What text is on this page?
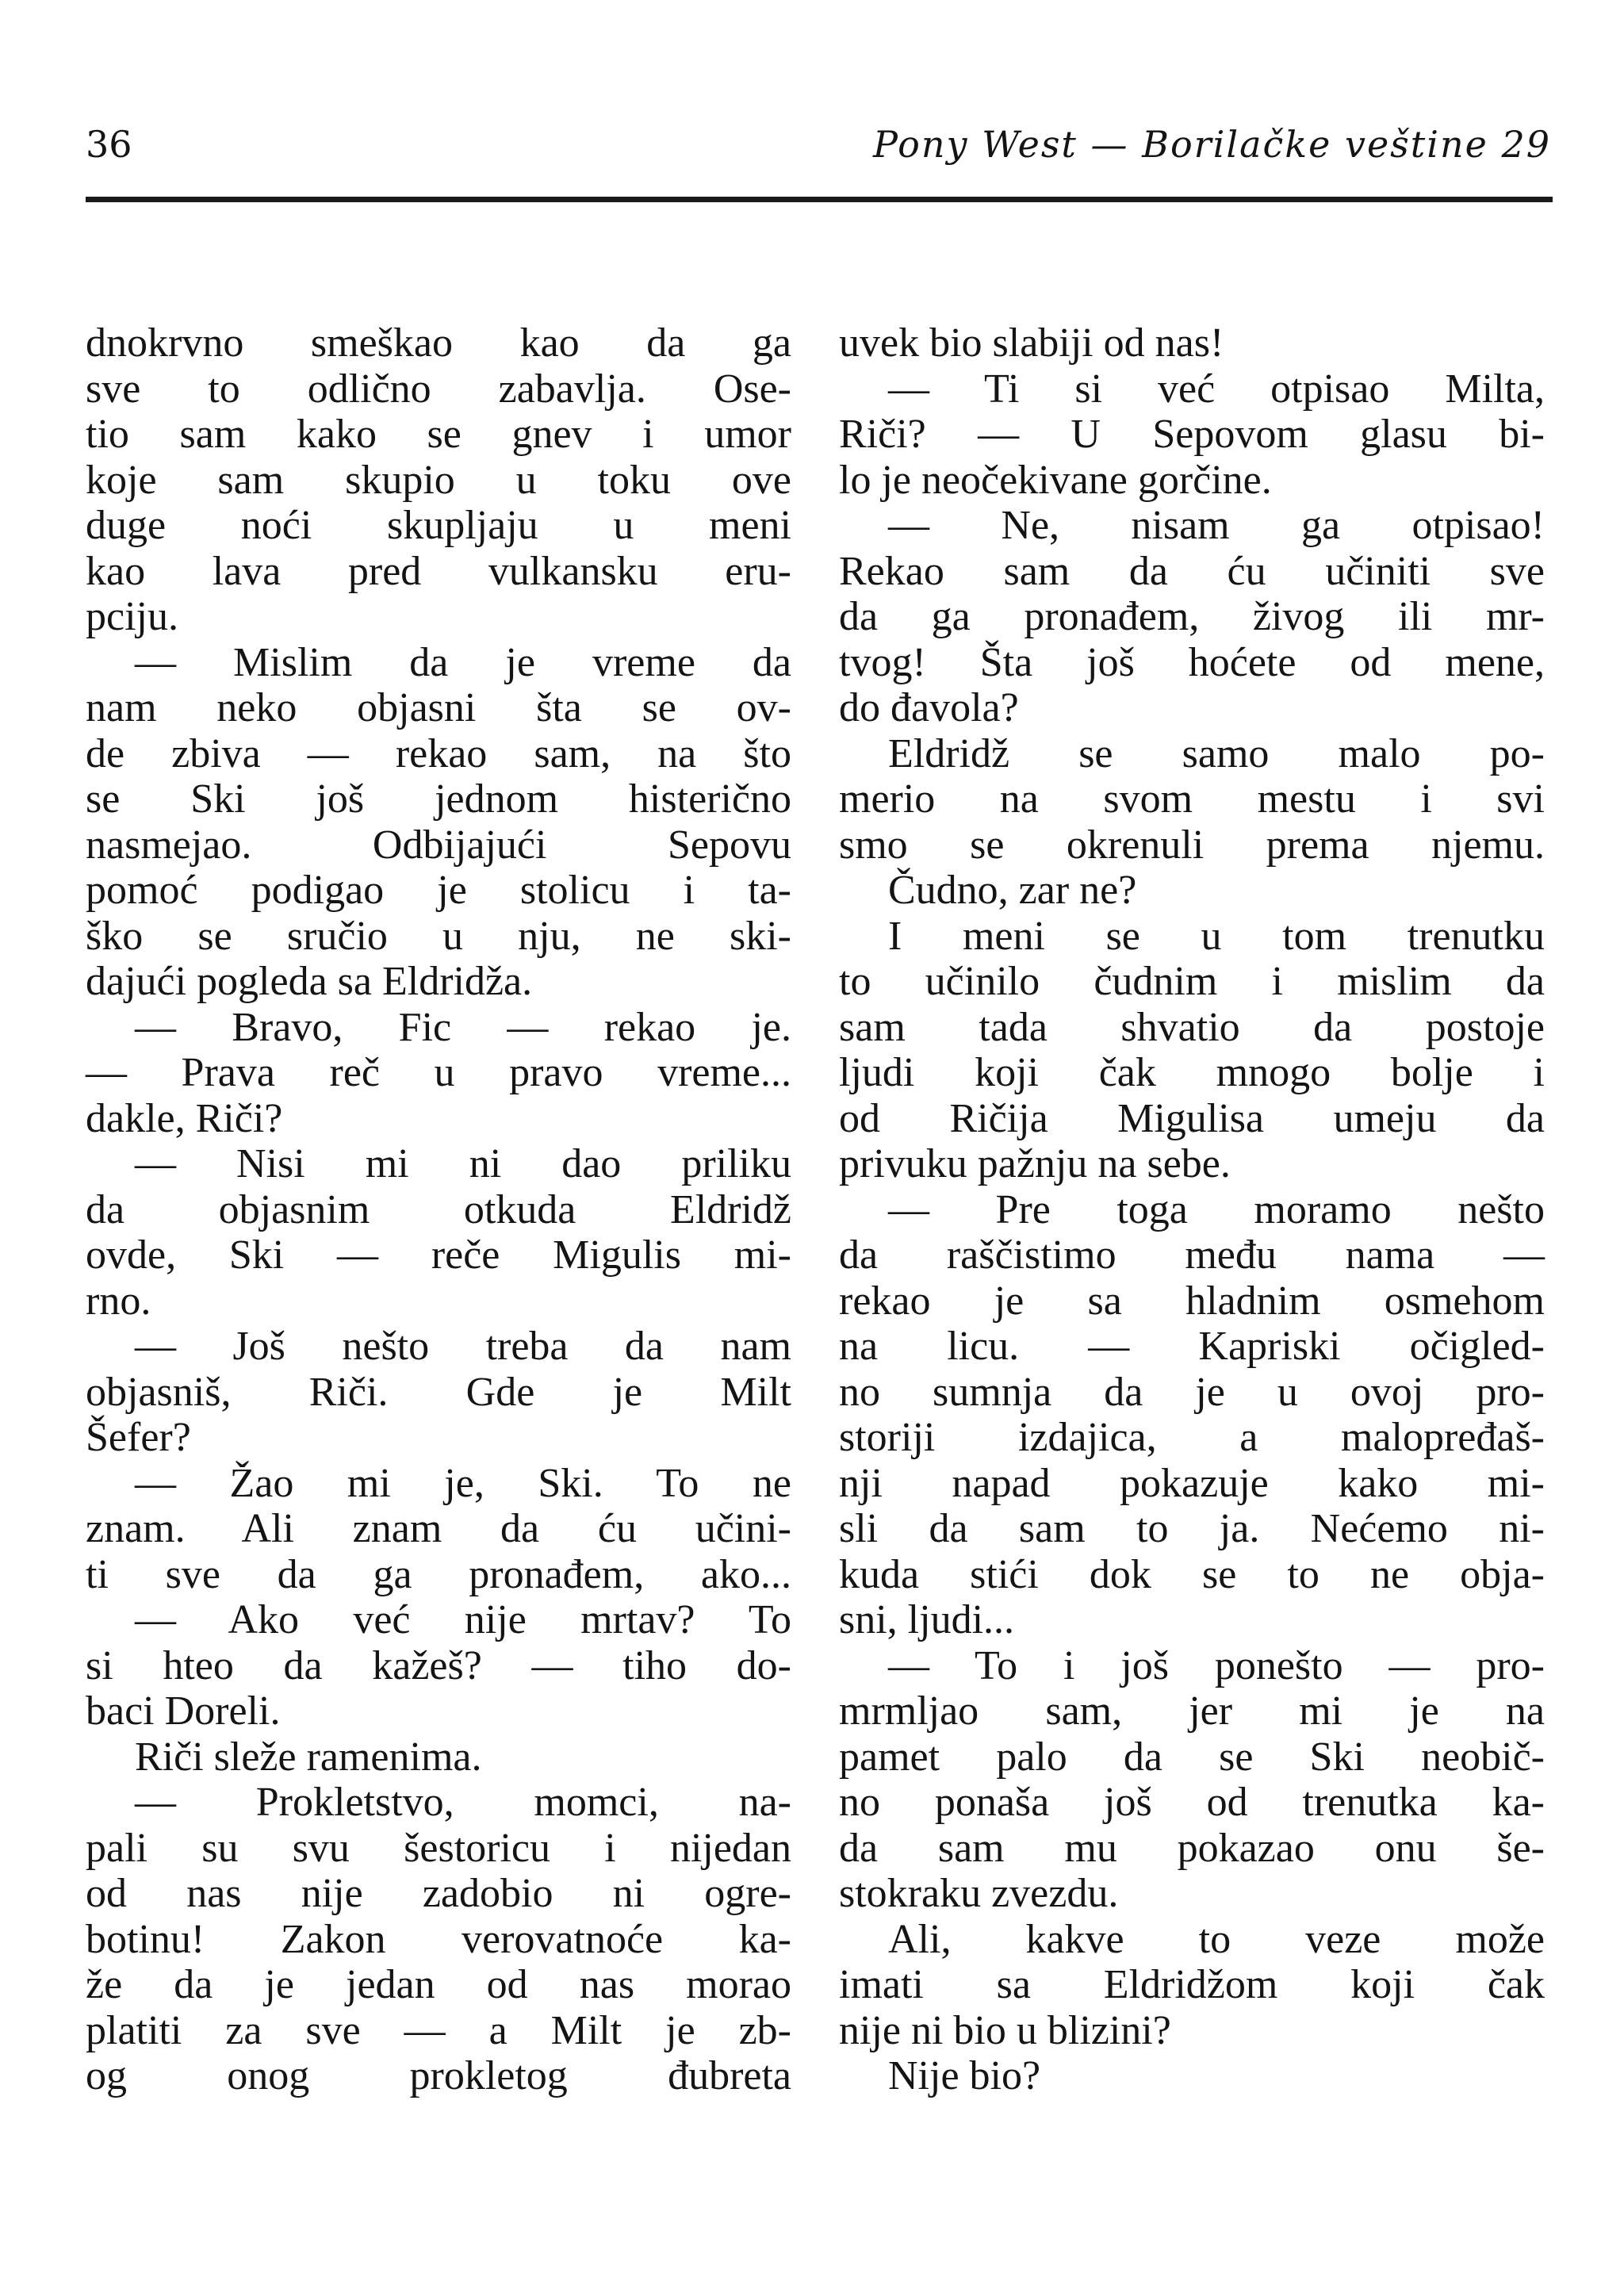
36	Pony West — Borilačke veštine 29
dnokrvno smeškao kao da ga
sve to odlično zabavlja. Ose-
tio sam kako se gnev i umor
koje sam skupio u toku ove
duge noći skupljaju u meni
kao lava pred vulkansku eru-
pciju.
— Mislim da je vreme da
nam neko objasni šta se ov-
de zbiva — rekao sam, na što
se Ski još jednom histerično
nasmejao. Odbijajući Sepovu
pomoć podigao je stolicu i ta-
ško se sručio u nju, ne ski-
dajući pogleda sa Eldridža.
— Bravo, Fic — rekao je.
— Prava reč u pravo vreme...
dakle, Riči?
— Nisi mi ni dao priliku
da objasnim otkuda Eldridž
ovde, Ski — reče Migulis mi-
rno.
— Još nešto treba da nam
objasniš, Riči. Gde je Milt
Šefer?
— Žao mi je, Ski. To ne
znam. Ali znam da ću učini-
ti sve da ga pronađem, ako...
— Ako već nije mrtav? To
si hteo da kažeš? — tiho do-
baci Doreli.
Riči sleže ramenima.
— Prokletstvo, momci, na-
pali su svu šestoricu i nijedan
od nas nije zadobio ni ogre-
botinu! Zakon verovatnoće ka-
že da je jedan od nas morao
platiti za sve — a Milt je zb-
og onog prokletog đubreta
uvek bio slabiji od nas!
— Ti si već otpisao Milta,
Riči? — U Sepovom glasu bi-
lo je neočekivane gorčine.
— Ne, nisam ga otpisao!
Rekao sam da ću učiniti sve
da ga pronađem, živog ili mr-
tvog! Šta još hoćete od mene,
do đavola?
Eldridž se samo malo po-
merio na svom mestu i svi
smo se okrenuli prema njemu.
Čudno, zar ne?
I meni se u tom trenutku
to učinilo čudnim i mislim da
sam tada shvatio da postoje
ljudi koji čak mnogo bolje i
od Ričija Migulisa umeju da
privuku pažnju na sebe.
— Pre toga moramo nešto
da raščistimo među nama —
rekao je sa hladnim osmehom
na licu. — Kapriski očigled-
no sumnja da je u ovoj pro-
storiji izdajica, a malopređaš-
nji napad pokazuje kako mi-
sli da sam to ja. Nećemo ni-
kuda stići dok se to ne obja-
sni, ljudi...
— To i još ponešto — pro-
mrmljao sam, jer mi je na
pamet palo da se Ski neobič-
no ponaša još od trenutka ka-
da sam mu pokazao onu še-
stokraku zvezdu.
Ali, kakve to veze može
imati sa Eldridžom koji čak
nije ni bio u blizini?
Nije bio?
